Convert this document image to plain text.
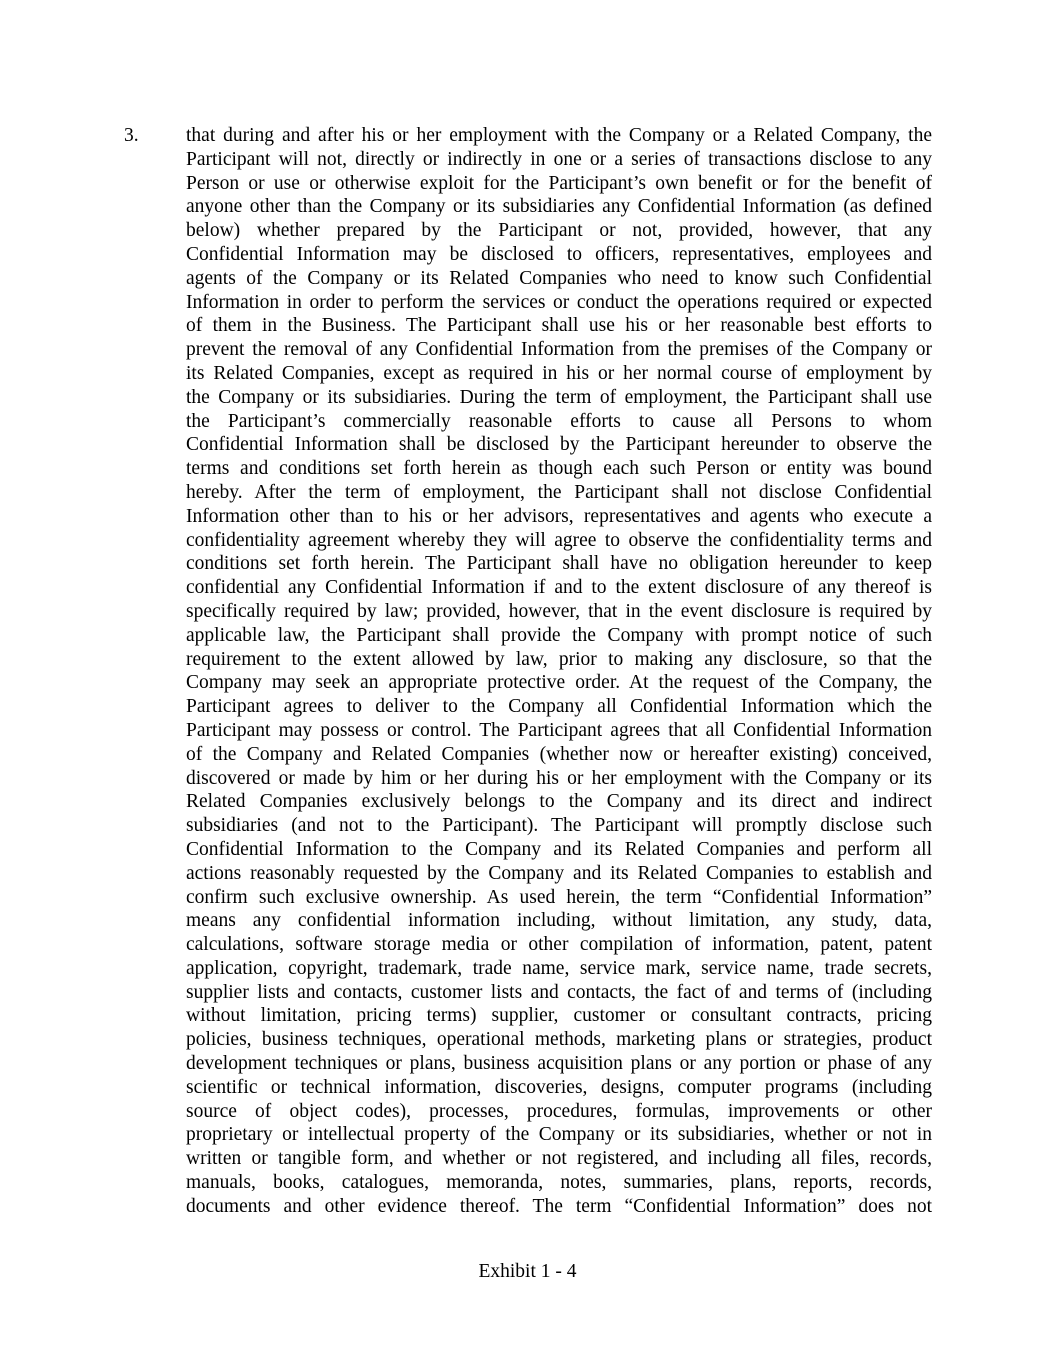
3. that during and after his or her employment with the Company or a Related Company, the
Participant will not, directly or indirectly in one or a series of transactions disclose to any
Person or use or otherwise exploit for the Participant’s own benefit or for the benefit of
anyone other than the Company or its subsidiaries any Confidential Information (as defined
below) whether prepared by the Participant or not, provided, however, that any
Confidential Information may be disclosed to officers, representatives, employees and
agents of the Company or its Related Companies who need to know such Confidential
Information in order to perform the services or conduct the operations required or expected
of them in the Business. The Participant shall use his or her reasonable best efforts to
prevent the removal of any Confidential Information from the premises of the Company or
its Related Companies, except as required in his or her normal course of employment by
the Company or its subsidiaries. During the term of employment, the Participant shall use
the Participant’s commercially reasonable efforts to cause all Persons to whom
Confidential Information shall be disclosed by the Participant hereunder to observe the
terms and conditions set forth herein as though each such Person or entity was bound
hereby. After the term of employment, the Participant shall not disclose Confidential
Information other than to his or her advisors, representatives and agents who execute a
confidentiality agreement whereby they will agree to observe the confidentiality terms and
conditions set forth herein. The Participant shall have no obligation hereunder to keep
confidential any Confidential Information if and to the extent disclosure of any thereof is
specifically required by law; provided, however, that in the event disclosure is required by
applicable law, the Participant shall provide the Company with prompt notice of such
requirement to the extent allowed by law, prior to making any disclosure, so that the
Company may seek an appropriate protective order. At the request of the Company, the
Participant agrees to deliver to the Company all Confidential Information which the
Participant may possess or control. The Participant agrees that all Confidential Information
of the Company and Related Companies (whether now or hereafter existing) conceived,
discovered or made by him or her during his or her employment with the Company or its
Related Companies exclusively belongs to the Company and its direct and indirect
subsidiaries (and not to the Participant). The Participant will promptly disclose such
Confidential Information to the Company and its Related Companies and perform all
actions reasonably requested by the Company and its Related Companies to establish and
confirm such exclusive ownership. As used herein, the term “Confidential Information”
means any confidential information including, without limitation, any study, data,
calculations, software storage media or other compilation of information, patent, patent
application, copyright, trademark, trade name, service mark, service name, trade secrets,
supplier lists and contacts, customer lists and contacts, the fact of and terms of (including
without limitation, pricing terms) supplier, customer or consultant contracts, pricing
policies, business techniques, operational methods, marketing plans or strategies, product
development techniques or plans, business acquisition plans or any portion or phase of any
scientific or technical information, discoveries, designs, computer programs (including
source of object codes), processes, procedures, formulas, improvements or other
proprietary or intellectual property of the Company or its subsidiaries, whether or not in
written or tangible form, and whether or not registered, and including all files, records,
manuals, books, catalogues, memoranda, notes, summaries, plans, reports, records,
documents and other evidence thereof. The term “Confidential Information” does not
Exhibit 1 - 4
